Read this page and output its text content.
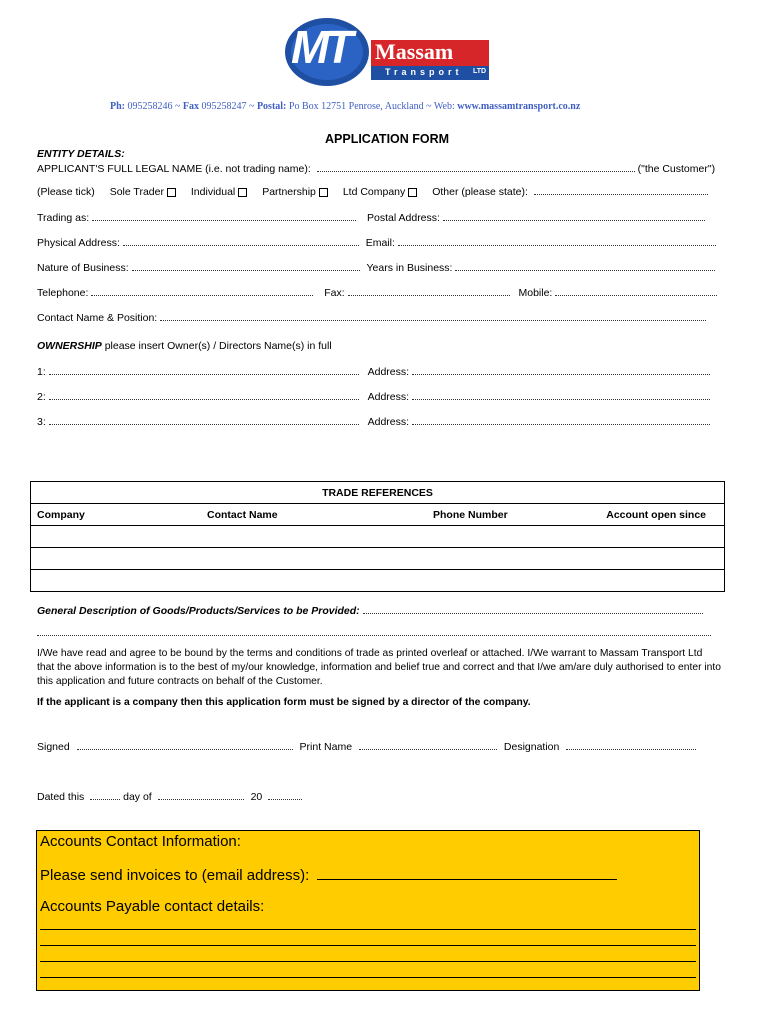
MT Massam
Transport LTD
Ph: 095258246 ~ Fax 095258247 ~ Postal: Po Box 12751 Penrose, Auckland ~ Web: www.massamtransport.co.nz
APPLICATION FORM
ENTITY DETAILS:
APPLICANT'S FULL LEGAL NAME (i.e. not trading name):	("the Customer")
(Please tick) Sole Trader	Individual	Partnership	Ltd Company	Other (please state):
Trading as:	Postal Address:
Physical Address:	Email:
Nature of Business:	Years in Business:
Telephone:	Fax:	Mobile:
Contact Name & Position:
OWNERSHIP please insert Owner(s) / Directors Name(s) in full
1:	Address:
2:	Address:
3:	Address:
TRADE REFERENCES
Company	Contact Name	Phone Number	Account open since

General Description of Goods/Products/Services to be Provided:
I/We have read and agree to be bound by the terms and conditions of trade as printed overleaf or attached. I/We warrant to Massam Transport Ltd
that the above information is to the best of my/our knowledge, information and belief true and correct and that I/we am/are duly authorised to enter into
this application and future contracts on behalf of the Customer.
If the applicant is a company then this application form must be signed by a director of the company.
Signed	Print Name	Designation
Dated this	day of	20
Accounts Contact Information:
Please send invoices to (email address):
Accounts Payable contact details:
